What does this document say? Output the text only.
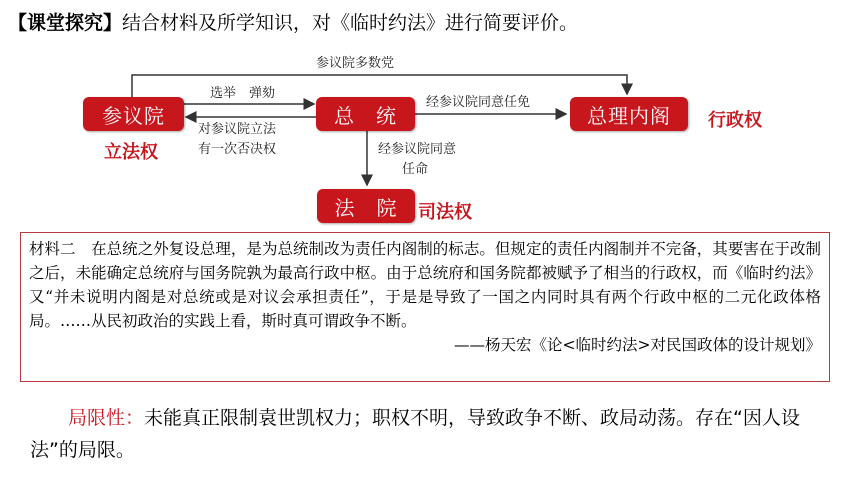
【课堂探究】结合材料及所学知识，对《临时约法》进行简要评价。
参议院多数党
选举　弹劾
对参议院立法
有一次否决权
经参议院同意任免
经参议院同意
任命
参议院	总　统	总理内阁
法　院
立法权
行政权
司法权
材料二　在总统之外复设总理，是为总统制改为责任内阁制的标志。但规定的责任内阁制并不完备，其要害在于改制之后，未能确定总统府与国务院孰为最高行政中枢。由于总统府和国务院都被赋予了相当的行政权，而《临时约法》又“并未说明内阁是对总统或是对议会承担责任”，于是是导致了一国之内同时具有两个行政中枢的二元化政体格局。……从民初政治的实践上看，斯时真可谓政争不断。
——杨天宏《论<临时约法>对民国政体的设计规划》
局限性：未能真正限制袁世凯权力；职权不明，导致政争不断、政局动荡。存在“因人设法”的局限。
